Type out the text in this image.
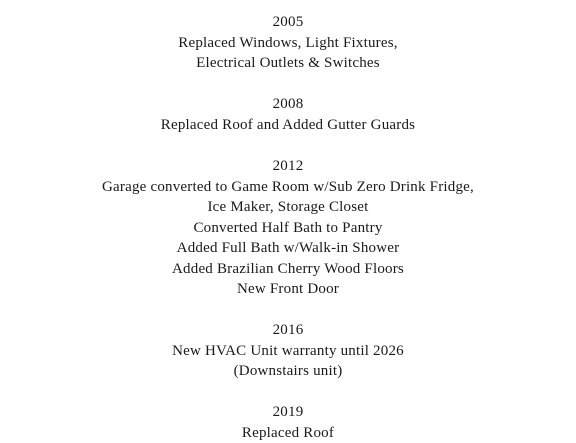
2005
Replaced Windows, Light Fixtures,
Electrical Outlets & Switches
2008
Replaced Roof and Added Gutter Guards
2012
Garage converted to Game Room w/Sub Zero Drink Fridge,
Ice Maker, Storage Closet
Converted Half Bath to Pantry
Added Full Bath w/Walk-in Shower
Added Brazilian Cherry Wood Floors
New Front Door
2016
New HVAC Unit warranty until 2026
(Downstairs unit)
2019
Replaced Roof
